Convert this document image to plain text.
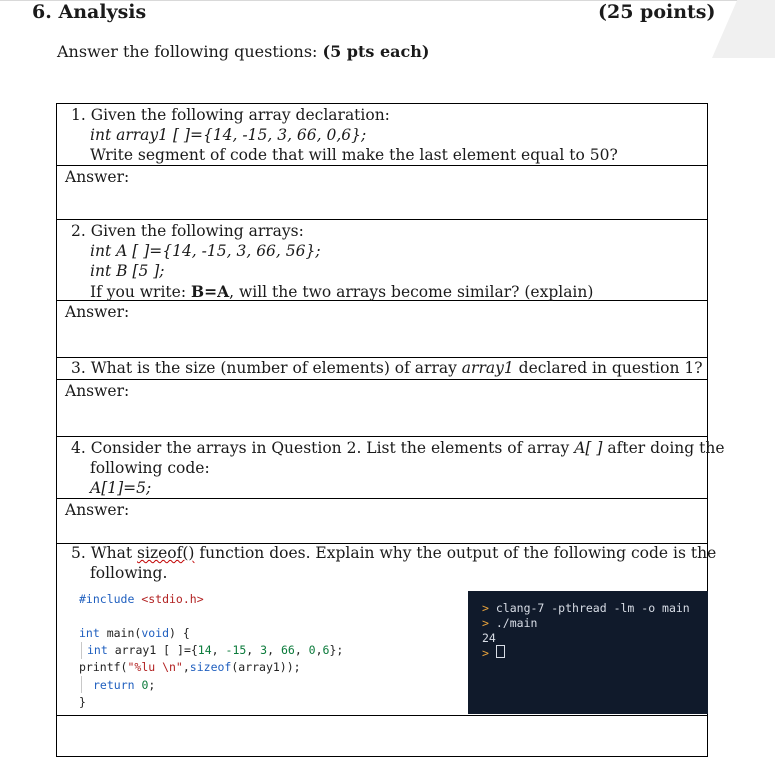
6. Analysis	(25 points)
Answer the following questions: (5 pts each)
1. Given the following array declaration:
int array1 [ ]={14, -15, 3, 66, 0,6};
Write segment of code that will make the last element equal to 50?
Answer:
2. Given the following arrays:
int A [ ]={14, -15, 3, 66, 56};
int B [5 ];
If you write: B=A, will the two arrays become similar? (explain)
Answer:
3. What is the size (number of elements) of array array1 declared in question 1?
Answer:
4. Consider the arrays in Question 2. List the elements of array A[ ] after doing the
following code:
A[1]=5;
Answer:
5. What sizeof() function does. Explain why the output of the following code is the
following.
#include <stdio.h>
int main(void) {
int array1 [ ]={14, -15, 3, 66, 0,6};
printf("%lu \n",sizeof(array1));
return 0;
}
> clang-7 -pthread -lm -o main
> ./main
24
>
